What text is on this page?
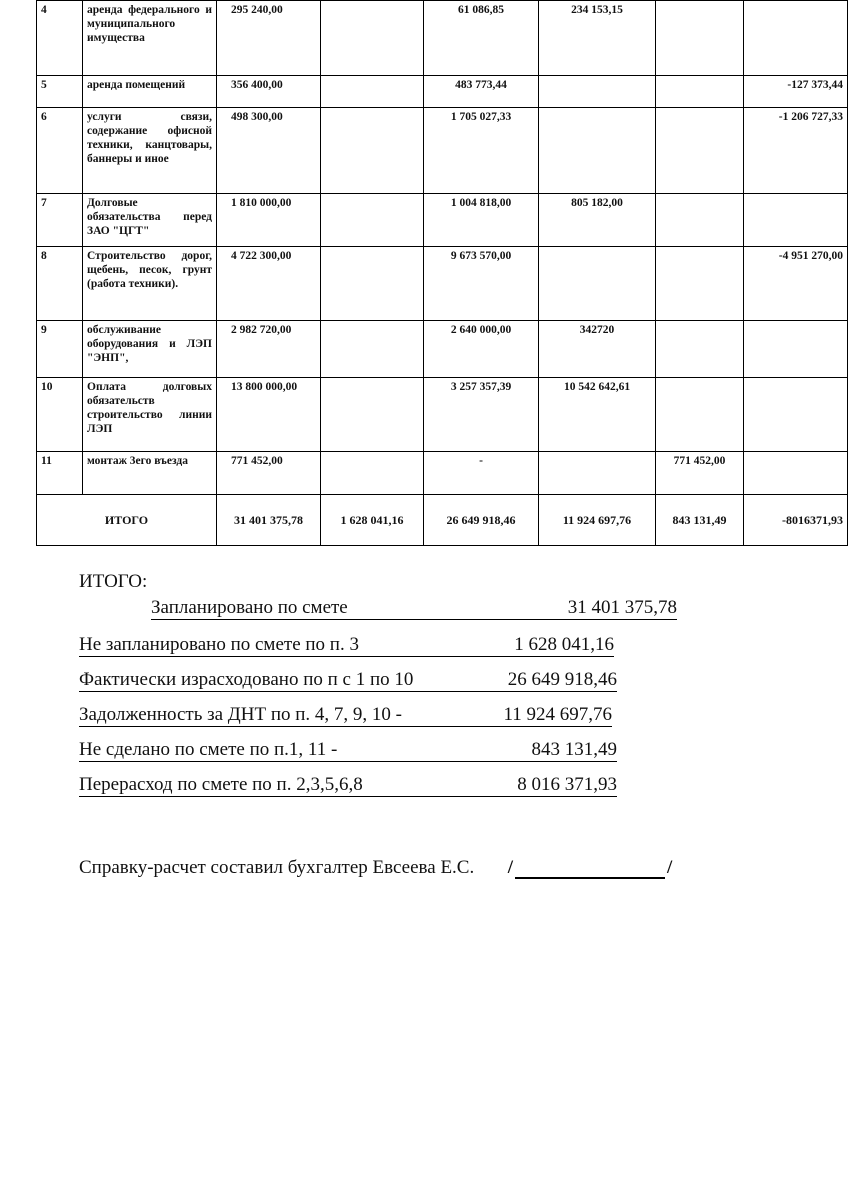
4	аренда федерального и муниципального имущества	295 240,00		61 086,85	234 153,15		
5	аренда помещений	356 400,00		483 773,44			-127 373,44
6	услуги связи, содержание офисной техники, канцтовары, баннеры и иное	498 300,00		1 705 027,33			-1 206 727,33
7	Долговые обязательства перед ЗАО "ЦГТ"	1 810 000,00		1 004 818,00	805 182,00		
8	Строительство дорог, щебень, песок, грунт (работа техники).	4 722 300,00		9 673 570,00			-4 951 270,00
9	обслуживание оборудования и ЛЭП "ЭНП",	2 982 720,00		2 640 000,00	342720		
10	Оплата долговых обязательств строительство линии ЛЭП	13 800 000,00		3 257 357,39	10 542 642,61		
11	монтаж 3его въезда	771 452,00		-		771 452,00	
ИТОГО		31 401 375,78	1 628 041,16	26 649 918,46	11 924 697,76	843 131,49	-8016371,93
ИТОГО:
Запланировано по смете	31 401 375,78
Не запланировано по смете по п. 3	1 628 041,16
Фактически израсходовано по п с 1 по 10	26 649 918,46
Задолженность за ДНТ по п. 4, 7, 9, 10 -	11 924 697,76
Не сделано по смете по п.1, 11 -	843 131,49
Перерасход по смете по п. 2,3,5,6,8	8 016 371,93
Справку-расчет составил бухгалтер Евсеева Е.С. /	/
